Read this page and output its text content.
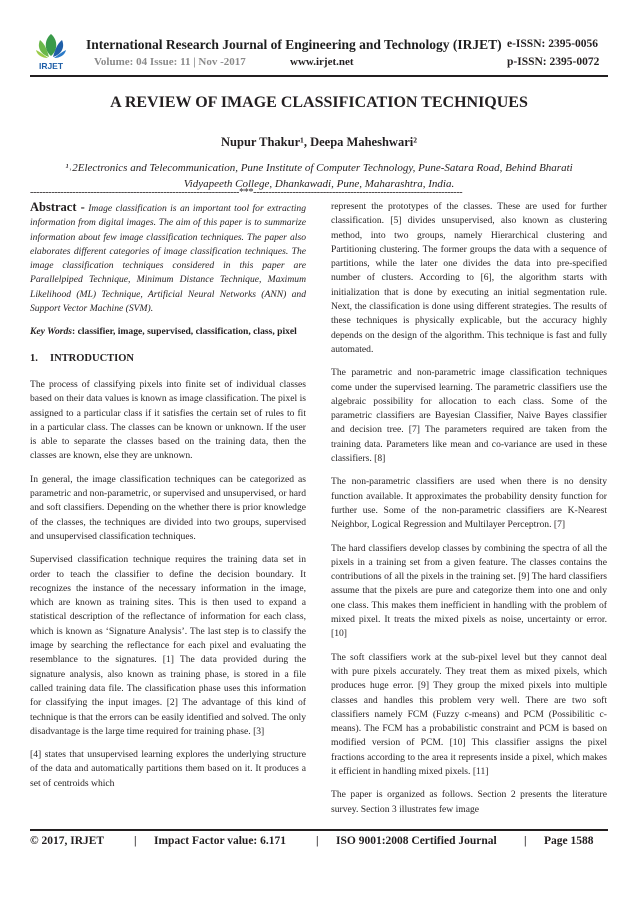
IRJET
International Research Journal of Engineering and Technology (IRJET) e-ISSN: 2395-0056
Volume: 04 Issue: 11 | Nov -2017	www.irjet.net	p-ISSN: 2395-0072
A REVIEW OF IMAGE CLASSIFICATION TECHNIQUES
Nupur Thakur¹, Deepa Maheshwari²
¹˒2Electronics and Telecommunication, Pune Institute of Computer Technology, Pune-Satara Road, Behind Bharati
Vidyapeeth College, Dhankawadi, Pune, Maharashtra, India.
---------------------------------------------------------------------***---------------------------------------------------------------------

Abstract - Image classification is an important tool for extracting information from digital images. The aim of this paper is to summarize information about few image classification techniques. The paper also elaborates different categories of image classification techniques. The image classification techniques considered in this paper are Parallelpiped Technique, Minimum Distance Technique, Maximum Likelihood (ML) Technique, Artificial Neural Networks (ANN) and Support Vector Machine (SVM).

Key Words: classifier, image, supervised, classification, class, pixel

1. INTRODUCTION

The process of classifying pixels into finite set of individual classes based on their data values is known as image classification. The pixel is assigned to a particular class if it satisfies the certain set of rules to fit in a particular class. The classes can be known or unknown. If the user is able to separate the classes based on the training data, then the classes are known, else they are unknown.

In general, the image classification techniques can be categorized as parametric and non-parametric, or supervised and unsupervised, or hard and soft classifiers. Depending on the whether there is prior knowledge of the classes, the techniques are divided into two groups, supervised and unsupervised classification techniques.

Supervised classification technique requires the training data set in order to teach the classifier to define the decision boundary. It recognizes the instance of the necessary information in the image, which are known as training sites. This is then used to expand a statistical description of the reflectance of information for each class, which is known as ‘Signature Analysis’. The last step is to classify the image by searching the reflectance for each pixel and evaluating the resemblance to the signatures. [1] The data provided during the signature analysis, also known as training phase, is stored in a file called training data file. The classification phase uses this information for classifying the input images. [2] The advantage of this kind of technique is that the errors can be easily identified and solved. The only disadvantage is the large time required for training phase. [3]

[4] states that unsupervised learning explores the underlying structure of the data and automatically partitions them based on it. It produces a set of centroids which

represent the prototypes of the classes. These are used for further classification. [5] divides unsupervised, also known as clustering method, into two groups, namely Hierarchical clustering and Partitioning clustering. The former groups the data with a sequence of partitions, while the later one divides the data into pre-specified number of clusters. According to [6], the algorithm starts with initialization that is done by executing an initial segmentation rule. Next, the classification is done using different strategies. The results of these techniques is physically explicable, but the accuracy highly depends on the design of the algorithm. This technique is fast and fully automated.

The parametric and non-parametric image classification techniques come under the supervised learning. The parametric classifiers use the algebraic possibility for allocation to each class. Some of the parametric classifiers are Bayesian Classifier, Naive Bayes classifier and decision tree. [7] The parameters required are taken from the training data. Parameters like mean and co-variance are used in these classifiers. [8]

The non-parametric classifiers are used when there is no density function available. It approximates the probability density function for further use. Some of the non-parametric classifiers are K-Nearest Neighbor, Logical Regression and Multilayer Perceptron. [7]

The hard classifiers develop classes by combining the spectra of all the pixels in a training set from a given feature. The classes contains the contributions of all the pixels in the training set. [9] The hard classifiers assume that the pixels are pure and categorize them into one and only one class. This makes them inefficient in handling with the problem of mixed pixel. It treats the mixed pixels as noise, uncertainty or error. [10]

The soft classifiers work at the sub-pixel level but they cannot deal with pure pixels accurately. They treat them as mixed pixels, which produces huge error. [9] They group the mixed pixels into multiple classes and handles this problem very well. There are two soft classifiers namely FCM (Fuzzy c-means) and PCM (Possibilitic c-means). The FCM has a probabilistic constraint and PCM is based on modified version of PCM. [10] This classifier assigns the pixel fractions according to the area it represents inside a pixel, which makes it efficient in handling mixed pixels. [11]

The paper is organized as follows. Section 2 presents the literature survey. Section 3 illustrates few image

© 2017, IRJET	| Impact Factor value: 6.171	| ISO 9001:2008 Certified Journal | Page 1588
